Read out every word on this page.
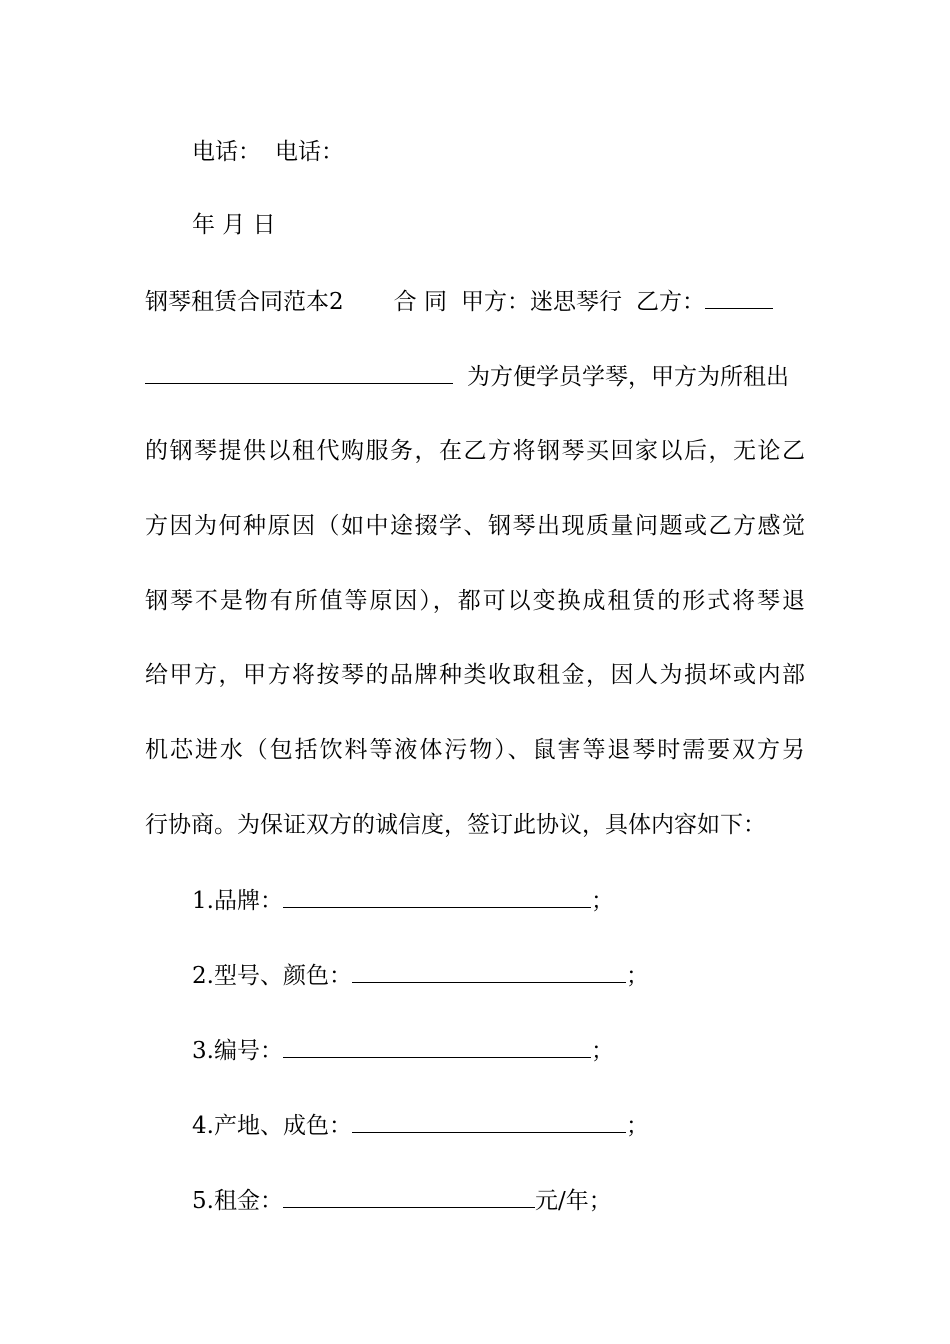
电话： 电话：
年 月 日
钢琴租赁合同范本2 合 同 甲方：迷思琴行 乙方：
为方便学员学琴，甲方为所租出
的钢琴提供以租代购服务，在乙方将钢琴买回家以后，无论乙
方因为何种原因（如中途掇学、钢琴出现质量问题或乙方感觉
钢琴不是物有所值等原因），都可以变换成租赁的形式将琴退
给甲方，甲方将按琴的品牌种类收取租金，因人为损坏或内部
机芯进水（包括饮料等液体污物）、鼠害等退琴时需要双方另
行协商。为保证双方的诚信度，签订此协议，具体内容如下：
1.品牌：	；
2.型号、颜色：	；
3.编号：	；
4.产地、成色：	；
5.租金：	元/年；
